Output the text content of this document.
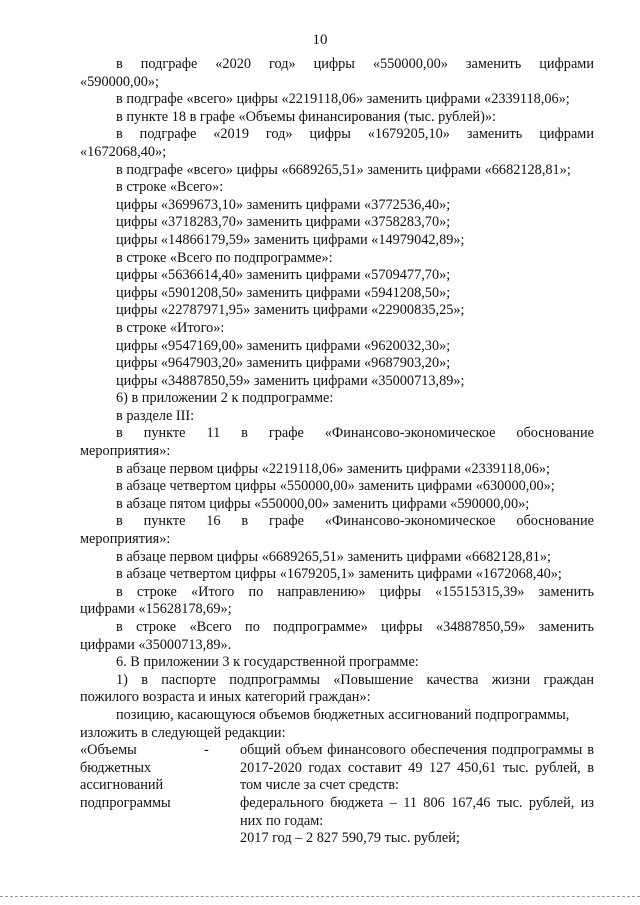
10
в подграфе «2020 год» цифры «550000,00» заменить цифрами
«590000,00»;
в подграфе «всего» цифры «2219118,06» заменить цифрами «2339118,06»;
в пункте 18 в графе «Объемы финансирования (тыс. рублей)»:
в подграфе «2019 год» цифры «1679205,10» заменить цифрами
«1672068,40»;
в подграфе «всего» цифры «6689265,51» заменить цифрами «6682128,81»;
в строке «Всего»:
цифры «3699673,10» заменить цифрами «3772536,40»;
цифры «3718283,70» заменить цифрами «3758283,70»;
цифры «14866179,59» заменить цифрами «14979042,89»;
в строке «Всего по подпрограмме»:
цифры «5636614,40» заменить цифрами «5709477,70»;
цифры «5901208,50» заменить цифрами «5941208,50»;
цифры «22787971,95» заменить цифрами «22900835,25»;
в строке «Итого»:
цифры «9547169,00» заменить цифрами «9620032,30»;
цифры «9647903,20» заменить цифрами «9687903,20»;
цифры «34887850,59» заменить цифрами «35000713,89»;
6) в приложении 2 к подпрограмме:
в разделе III:
в пункте 11 в графе «Финансово-экономическое обоснование
мероприятия»:
в абзаце первом цифры «2219118,06» заменить цифрами «2339118,06»;
в абзаце четвертом цифры «550000,00» заменить цифрами «630000,00»;
в абзаце пятом цифры «550000,00» заменить цифрами «590000,00»;
в пункте 16 в графе «Финансово-экономическое обоснование
мероприятия»:
в абзаце первом цифры «6689265,51» заменить цифрами «6682128,81»;
в абзаце четвертом цифры «1679205,1» заменить цифрами «1672068,40»;
в строке «Итого по направлению» цифры «15515315,39» заменить
цифрами «15628178,69»;
в строке «Всего по подпрограмме» цифры «34887850,59» заменить
цифрами «35000713,89».
6. В приложении 3 к государственной программе:
1) в паспорте подпрограммы «Повышение качества жизни граждан
пожилого возраста и иных категорий граждан»:
позицию, касающуюся объемов бюджетных ассигнований подпрограммы,
изложить в следующей редакции:
«Объемы
бюджетных
ассигнований
подпрограммы
-	общий объем финансового обеспечения подпрограммы в 2017-2020 годах составит 49 127 450,61 тыс. рублей, в том числе за счет средств:
федерального бюджета – 11 806 167,46 тыс. рублей, из них по годам:
2017 год – 2 827 590,79 тыс. рублей;
